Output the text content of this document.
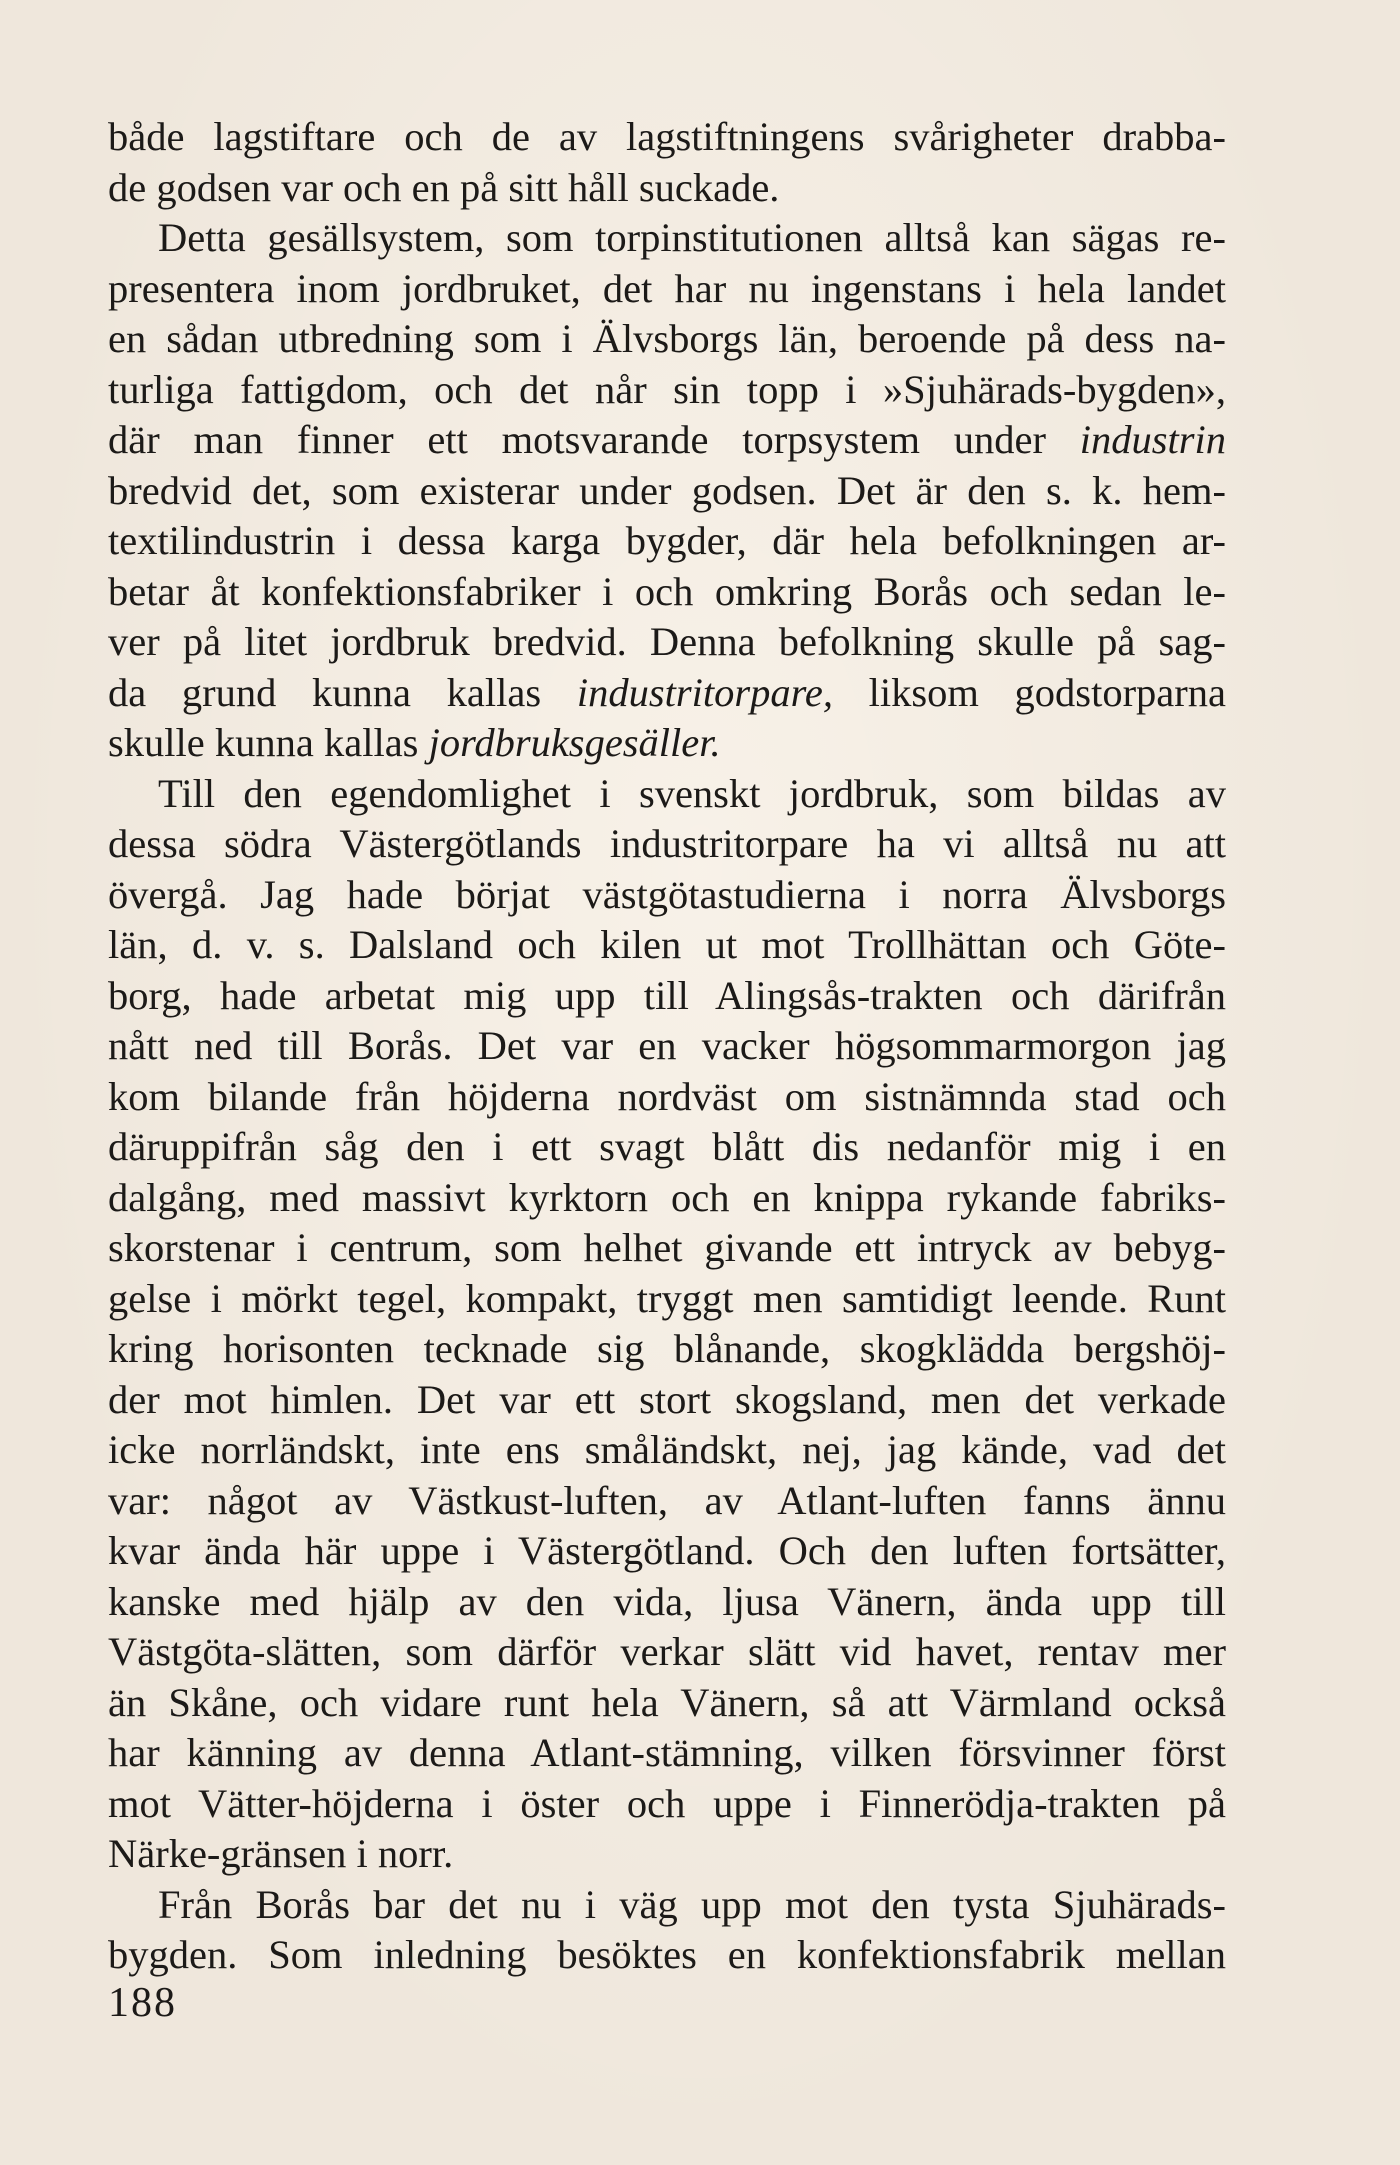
både lagstiftare och de av lagstiftningens svårigheter drabba-
de godsen var och en på sitt håll suckade.
Detta gesällsystem, som torpinstitutionen alltså kan sägas re-
presentera inom jordbruket, det har nu ingenstans i hela landet
en sådan utbredning som i Älvsborgs län, beroende på dess na-
turliga fattigdom, och det når sin topp i »Sjuhärads-bygden»,
där man finner ett motsvarande torpsystem under industrin
bredvid det, som existerar under godsen. Det är den s. k. hem-
textilindustrin i dessa karga bygder, där hela befolkningen ar-
betar åt konfektionsfabriker i och omkring Borås och sedan le-
ver på litet jordbruk bredvid. Denna befolkning skulle på sag-
da grund kunna kallas industritorpare, liksom godstorparna
skulle kunna kallas jordbruksgesäller.
Till den egendomlighet i svenskt jordbruk, som bildas av
dessa södra Västergötlands industritorpare ha vi alltså nu att
övergå. Jag hade börjat västgötastudierna i norra Älvsborgs
län, d. v. s. Dalsland och kilen ut mot Trollhättan och Göte-
borg, hade arbetat mig upp till Alingsås-trakten och därifrån
nått ned till Borås. Det var en vacker högsommarmorgon jag
kom bilande från höjderna nordväst om sistnämnda stad och
däruppifrån såg den i ett svagt blått dis nedanför mig i en
dalgång, med massivt kyrktorn och en knippa rykande fabriks-
skorstenar i centrum, som helhet givande ett intryck av bebyg-
gelse i mörkt tegel, kompakt, tryggt men samtidigt leende. Runt
kring horisonten tecknade sig blånande, skogklädda bergshöj-
der mot himlen. Det var ett stort skogsland, men det verkade
icke norrländskt, inte ens småländskt, nej, jag kände, vad det
var: något av Västkust-luften, av Atlant-luften fanns ännu
kvar ända här uppe i Västergötland. Och den luften fortsätter,
kanske med hjälp av den vida, ljusa Vänern, ända upp till
Västgöta-slätten, som därför verkar slätt vid havet, rentav mer
än Skåne, och vidare runt hela Vänern, så att Värmland också
har känning av denna Atlant-stämning, vilken försvinner först
mot Vätter-höjderna i öster och uppe i Finnerödja-trakten på
Närke-gränsen i norr.
Från Borås bar det nu i väg upp mot den tysta Sjuhärads-
bygden. Som inledning besöktes en konfektionsfabrik mellan
188
